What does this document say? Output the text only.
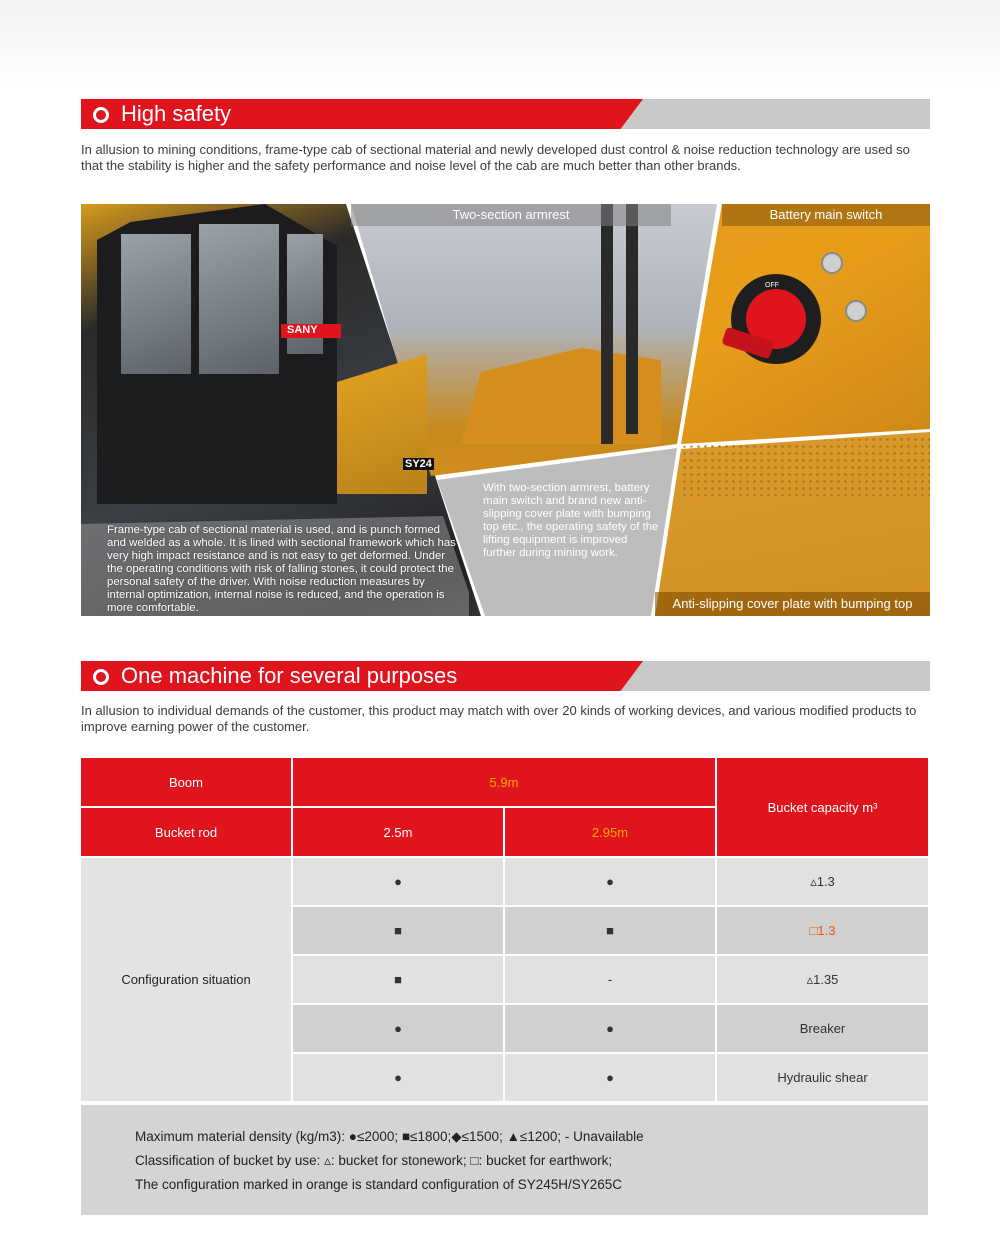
High safety
In allusion to mining conditions, frame-type cab of sectional material and newly developed dust control & noise reduction technology are used so that the stability is higher and the safety performance and noise level of the cab are much better than other brands.
SANY
SY24
OFF
Two-section armrest	Battery main switch
Anti-slipping cover plate with bumping top
Frame-type cab of sectional material is used, and is punch formed and welded as a whole. It is lined with sectional framework which has very high impact resistance and is not easy to get deformed. Under the operating conditions with risk of falling stones, it could protect the personal safety of the driver. With noise reduction measures by internal optimization, internal noise is reduced, and the operation is more comfortable.
With two-section armrest, battery main switch and brand new anti-slipping cover plate with bumping top etc., the operating safety of the lifting equipment is improved further during mining work.
One machine for several purposes
In allusion to individual demands of the customer, this product may match with over 20 kinds of working devices, and various modified products to improve earning power of the customer.
Boom	5.9m		Bucket capacity m³
Bucket rod	2.5m	2.95m	
Configuration situation	●	●	▵1.3
	■	■	□1.3
	■	-	▵1.35
	●	●	Breaker
	●	●	Hydraulic shear
Maximum material density (kg/m3): ●≤2000; ■≤1800;◆≤1500; ▲≤1200; - Unavailable
Classification of bucket by use: ▵: bucket for stonework; □: bucket for earthwork;
The configuration marked in orange is standard configuration of SY245H/SY265C
